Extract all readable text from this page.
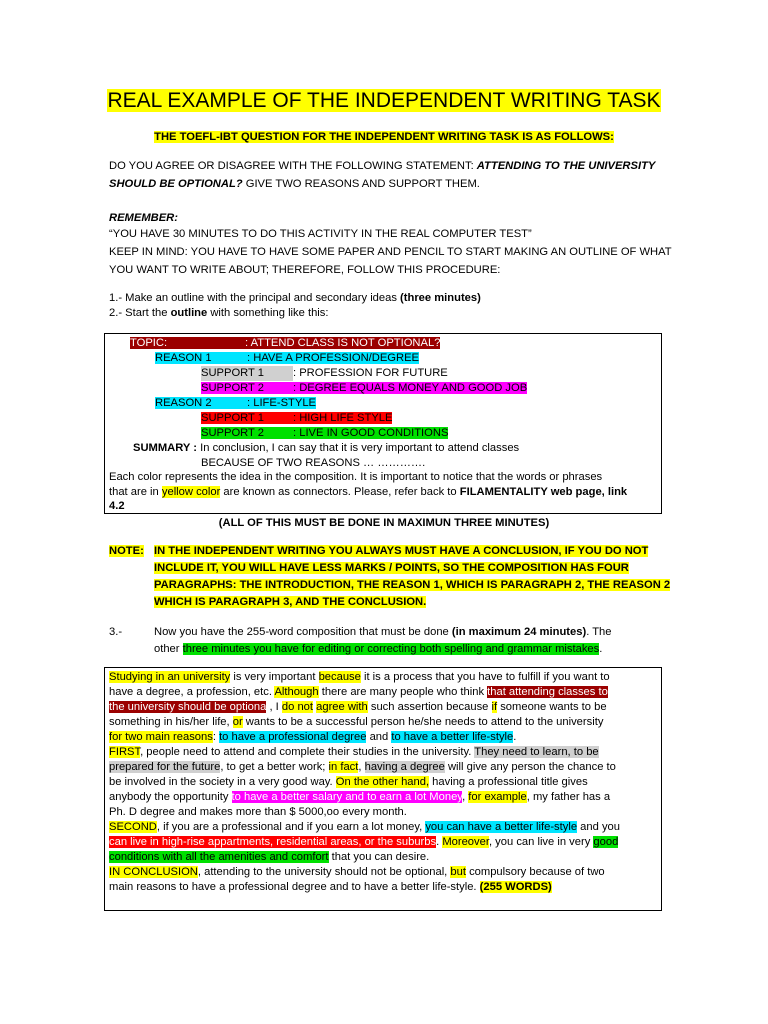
REAL EXAMPLE OF THE INDEPENDENT WRITING TASK
THE TOEFL-IBT QUESTION FOR THE INDEPENDENT WRITING TASK IS AS FOLLOWS:
DO YOU AGREE OR DISAGREE WITH THE FOLLOWING STATEMENT: ATTENDING TO THE UNIVERSITY
SHOULD BE OPTIONAL? GIVE TWO REASONS AND SUPPORT THEM.
REMEMBER:
“YOU HAVE 30 MINUTES TO DO THIS ACTIVITY IN THE REAL COMPUTER TEST”
KEEP IN MIND: YOU HAVE TO HAVE SOME PAPER AND PENCIL TO START MAKING AN OUTLINE OF WHAT
YOU WANT TO WRITE ABOUT; THEREFORE, FOLLOW THIS PROCEDURE:
1.- Make an outline with the principal and secondary ideas (three minutes)
2.- Start the outline with something like this:
TOPIC:	: ATTEND CLASS IS NOT OPTIONAL?
REASON 1	: HAVE A PROFESSION/DEGREE
SUPPORT 1	: PROFESSION FOR FUTURE
SUPPORT 2	: DEGREE EQUALS MONEY AND GOOD JOB
REASON 2	: LIFE-STYLE
SUPPORT 1	: HIGH LIFE STYLE
SUPPORT 2	: LIVE IN GOOD CONDITIONS
SUMMARY : In conclusion, I can say that it is very important to attend classes
BECAUSE OF TWO REASONS … ………….
Each color represents the idea in the composition. It is important to notice that the words or phrases
that are in yellow color are known as connectors. Please, refer back to FILAMENTALITY web page, link
4.2
(ALL OF THIS MUST BE DONE IN MAXIMUN THREE MINUTES)
NOTE: IN THE INDEPENDENT WRITING YOU ALWAYS MUST HAVE A CONCLUSION, IF YOU DO NOT
INCLUDE IT, YOU WILL HAVE LESS MARKS / POINTS, SO THE COMPOSITION HAS FOUR
PARAGRAPHS: THE INTRODUCTION, THE REASON 1, WHICH IS PARAGRAPH 2, THE REASON 2
WHICH IS PARAGRAPH 3, AND THE CONCLUSION.
3.-	Now you have the 255-word composition that must be done (in maximum 24 minutes). The
other three minutes you have for editing or correcting both spelling and grammar mistakes.
Studying in an university is very important because it is a process that you have to fulfill if you want to
have a degree, a profession, etc. Although there are many people who think that attending classes to
the university should be optiona , I do not agree with such assertion because if someone wants to be
something in his/her life, or wants to be a successful person he/she needs to attend to the university
for two main reasons: to have a professional degree and to have a better life-style.
FIRST, people need to attend and complete their studies in the university. They need to learn, to be
prepared for the future, to get a better work; in fact, having a degree will give any person the chance to
be involved in the society in a very good way. On the other hand, having a professional title gives
anybody the opportunity to have a better salary and to earn a lot Money, for example, my father has a
Ph. D degree and makes more than $ 5000,oo every month.
SECOND, if you are a professional and if you earn a lot money, you can have a better life-style and you
can live in high-rise appartments, residential areas, or the suburbs. Moreover, you can live in very good
conditions with all the amenities and comfort that you can desire.
IN CONCLUSION, attending to the university should not be optional, but compulsory because of two
main reasons to have a professional degree and to have a better life-style. (255 WORDS)
